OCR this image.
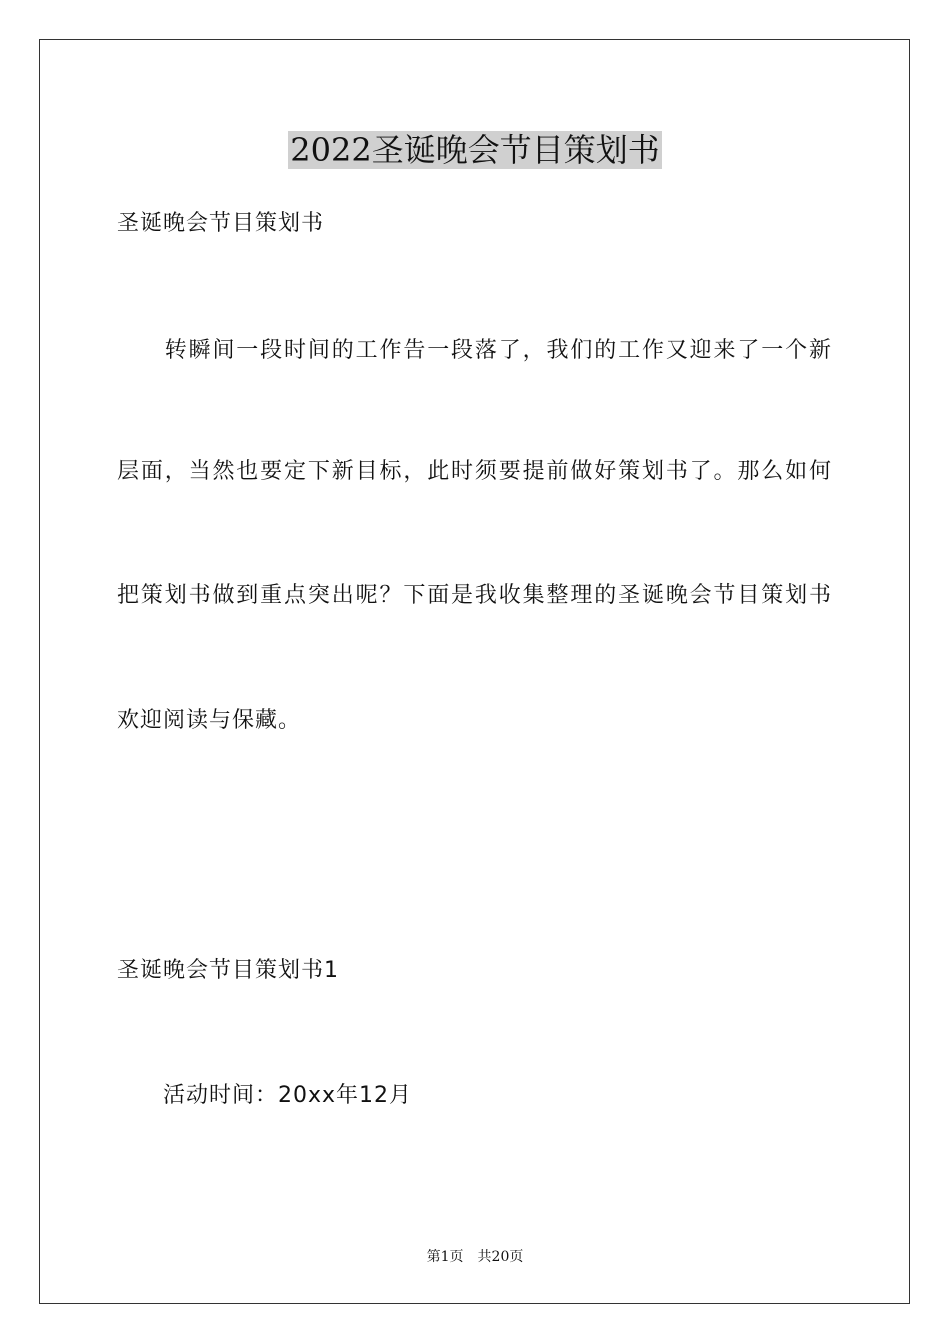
2022圣诞晚会节目策划书
圣诞晚会节目策划书
　　转瞬间一段时间的工作告一段落了，我们的工作又迎来了一个新
层面，当然也要定下新目标，此时须要提前做好策划书了。那么如何
把策划书做到重点突出呢？下面是我收集整理的圣诞晚会节目策划书
欢迎阅读与保藏。
圣诞晚会节目策划书1
　　活动时间：20xx年12月
第1页　共20页
